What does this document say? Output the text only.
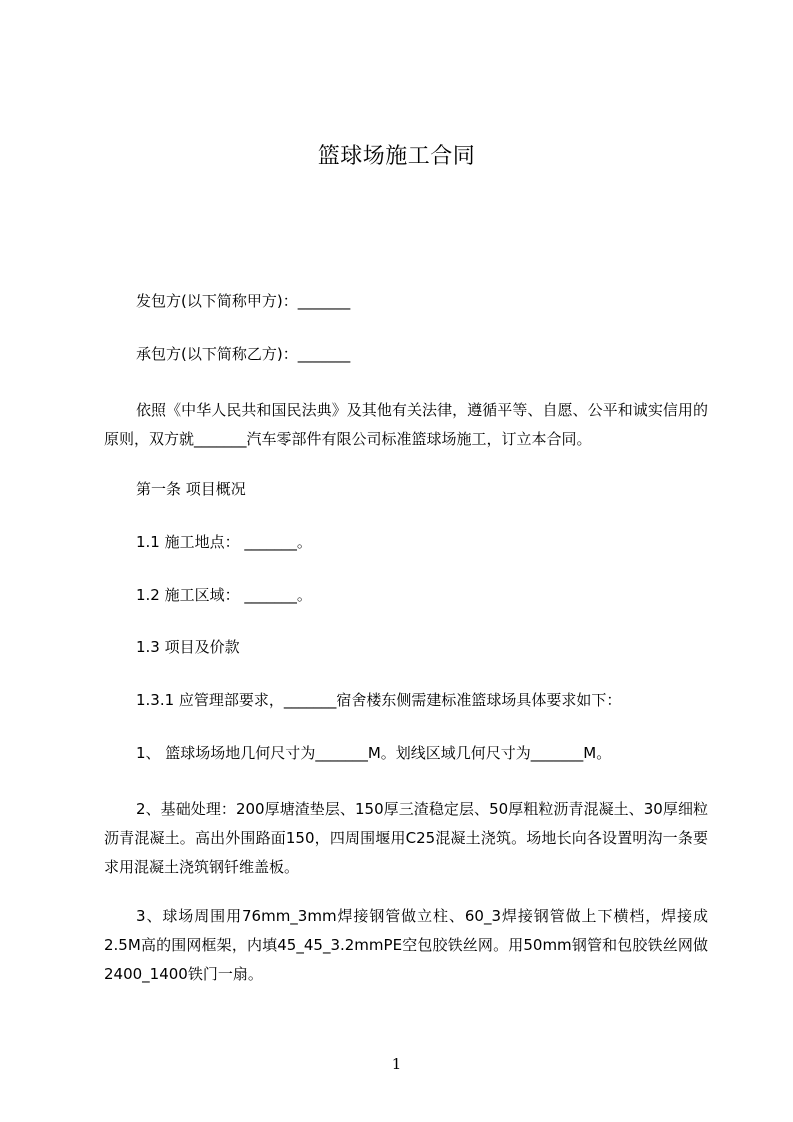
篮球场施工合同
发包方(以下简称甲方)：_______
承包方(以下简称乙方)：_______
依照《中华人民共和国民法典》及其他有关法律，遵循平等、自愿、公平和诚实信用的原则，双方就_______汽车零部件有限公司标准篮球场施工，订立本合同。
第一条 项目概况
1.1 施工地点： _______。
1.2 施工区域： _______。
1.3 项目及价款
1.3.1 应管理部要求，_______宿舍楼东侧需建标准篮球场具体要求如下：
1、 篮球场场地几何尺寸为_______M。划线区域几何尺寸为_______M。
2、基础处理：200厚塘渣垫层、150厚三渣稳定层、50厚粗粒沥青混凝土、30厚细粒沥青混凝土。高出外围路面150，四周围堰用C25混凝土浇筑。场地长向各设置明沟一条要求用混凝土浇筑钢钎维盖板。
3、球场周围用76mm_3mm焊接钢管做立柱、60_3焊接钢管做上下横档，焊接成2.5M高的围网框架，内填45_45_3.2mmPE空包胶铁丝网。用50mm钢管和包胶铁丝网做2400_1400铁门一扇。
1
